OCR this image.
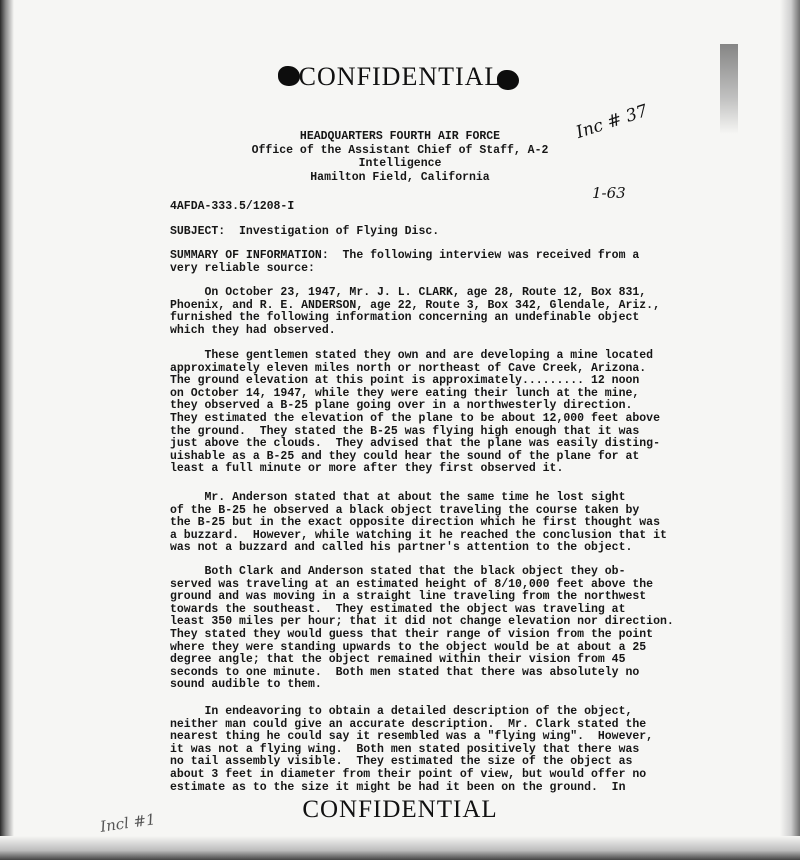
CONFIDENTIAL
HEADQUARTERS FOURTH AIR FORCE
Office of the Assistant Chief of Staff, A-2
Intelligence
Hamilton Field, California
Inc # 37
1-63
4AFDA-333.5/1208-I
SUBJECT:  Investigation of Flying Disc.
SUMMARY OF INFORMATION:  The following interview was received from a
very reliable source:
On October 23, 1947, Mr. J. L. CLARK, age 28, Route 12, Box 831,
Phoenix, and R. E. ANDERSON, age 22, Route 3, Box 342, Glendale, Ariz.,
furnished the following information concerning an undefinable object
which they had observed.
These gentlemen stated they own and are developing a mine located
approximately eleven miles north or northeast of Cave Creek, Arizona.
The ground elevation at this point is approximately......... 12 noon
on October 14, 1947, while they were eating their lunch at the mine,
they observed a B-25 plane going over in a northwesterly direction.
They estimated the elevation of the plane to be about 12,000 feet above
the ground.  They stated the B-25 was flying high enough that it was
just above the clouds.  They advised that the plane was easily disting-
uishable as a B-25 and they could hear the sound of the plane for at
least a full minute or more after they first observed it.
Mr. Anderson stated that at about the same time he lost sight
of the B-25 he observed a black object traveling the course taken by
the B-25 but in the exact opposite direction which he first thought was
a buzzard.  However, while watching it he reached the conclusion that it
was not a buzzard and called his partner's attention to the object.
Both Clark and Anderson stated that the black object they ob-
served was traveling at an estimated height of 8/10,000 feet above the
ground and was moving in a straight line traveling from the northwest
towards the southeast.  They estimated the object was traveling at
least 350 miles per hour; that it did not change elevation nor direction.
They stated they would guess that their range of vision from the point
where they were standing upwards to the object would be at about a 25
degree angle; that the object remained within their vision from 45
seconds to one minute.  Both men stated that there was absolutely no
sound audible to them.
In endeavoring to obtain a detailed description of the object,
neither man could give an accurate description.  Mr. Clark stated the
nearest thing he could say it resembled was a "flying wing".  However,
it was not a flying wing.  Both men stated positively that there was
no tail assembly visible.  They estimated the size of the object as
about 3 feet in diameter from their point of view, but would offer no
estimate as to the size it might be had it been on the ground.  In
CONFIDENTIAL
Incl #1
